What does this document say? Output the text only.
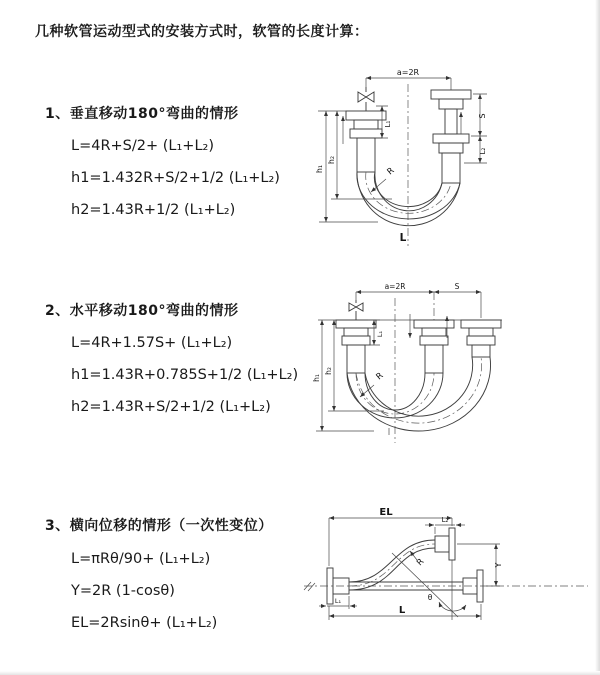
几种软管运动型式的安装方式时，软管的长度计算：
1、垂直移动180°弯曲的情形
L=4R+S/2+ (L₁+L₂)
h1=1.432R+S/2+1/2 (L₁+L₂)
h2=1.43R+1/2 (L₁+L₂)
a=2R
h₁
h₂
L₁
S
L₂
R
L
2、水平移动180°弯曲的情形
L=4R+1.57S+ (L₁+L₂)
h1=1.43R+0.785S+1/2 (L₁+L₂)
h2=1.43R+S/2+1/2 (L₁+L₂)
a=2R	S
h₁
h₂
L₁
R
3、横向位移的情形（一次性变位）
L=πRθ/90+ (L₁+L₂)
Y=2R (1-cosθ)
EL=2Rsinθ+ (L₁+L₂)
θ
R
EL
L₂
Y
L₁
L
